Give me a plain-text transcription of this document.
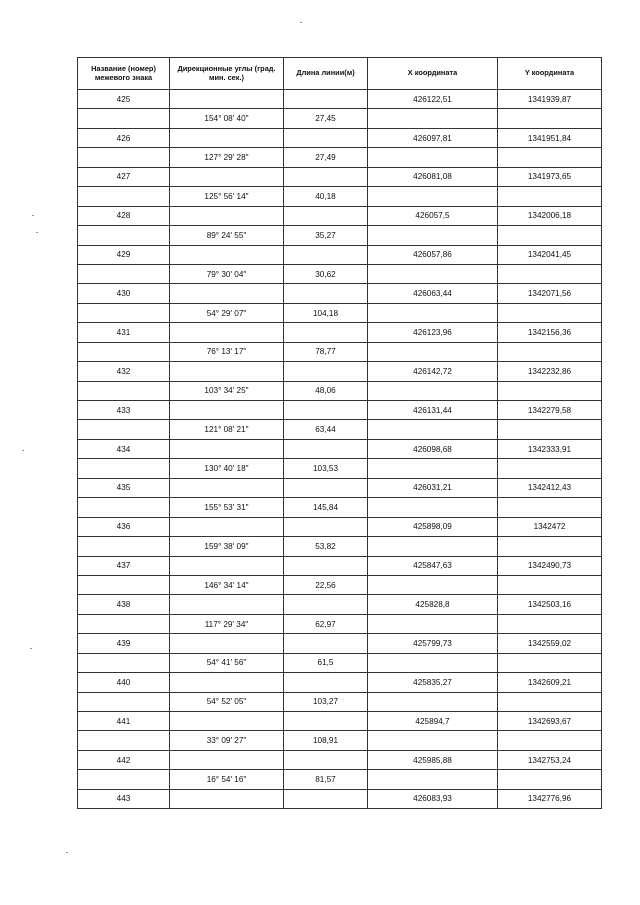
Название (номер) межевого знака	Дирекционные углы (град. мин. сек.)	Длина линии(м)	X координата	Y координата
425			426122,51	1341939,87
	154° 08' 40"	27,45		
426			426097,81	1341951,84
	127° 29' 28"	27,49		
427			426081,08	1341973,65
	125° 56' 14"	40,18		
428			426057,5	1342006,18
	89° 24' 55"	35,27		
429			426057,86	1342041,45
	79° 30' 04"	30,62		
430			426063,44	1342071,56
	54° 29' 07"	104,18		
431			426123,96	1342156,36
	76° 13' 17"	78,77		
432			426142,72	1342232,86
	103° 34' 25"	48,06		
433			426131,44	1342279,58
	121° 08' 21"	63,44		
434			426098,68	1342333,91
	130° 40' 18"	103,53		
435			426031,21	1342412,43
	155° 53' 31"	145,84		
436			425898,09	1342472
	159° 38' 09"	53,82		
437			425847,63	1342490,73
	146° 34' 14"	22,56		
438			425828,8	1342503,16
	117° 29' 34"	62,97		
439			425799,73	1342559,02
	54° 41' 56"	61,5		
440			425835,27	1342609,21
	54° 52' 05"	103,27		
441			425894,7	1342693,67
	33° 09' 27"	108,91		
442			425985,88	1342753,24
	16° 54' 16"	81,57		
443			426083,93	1342776,96
